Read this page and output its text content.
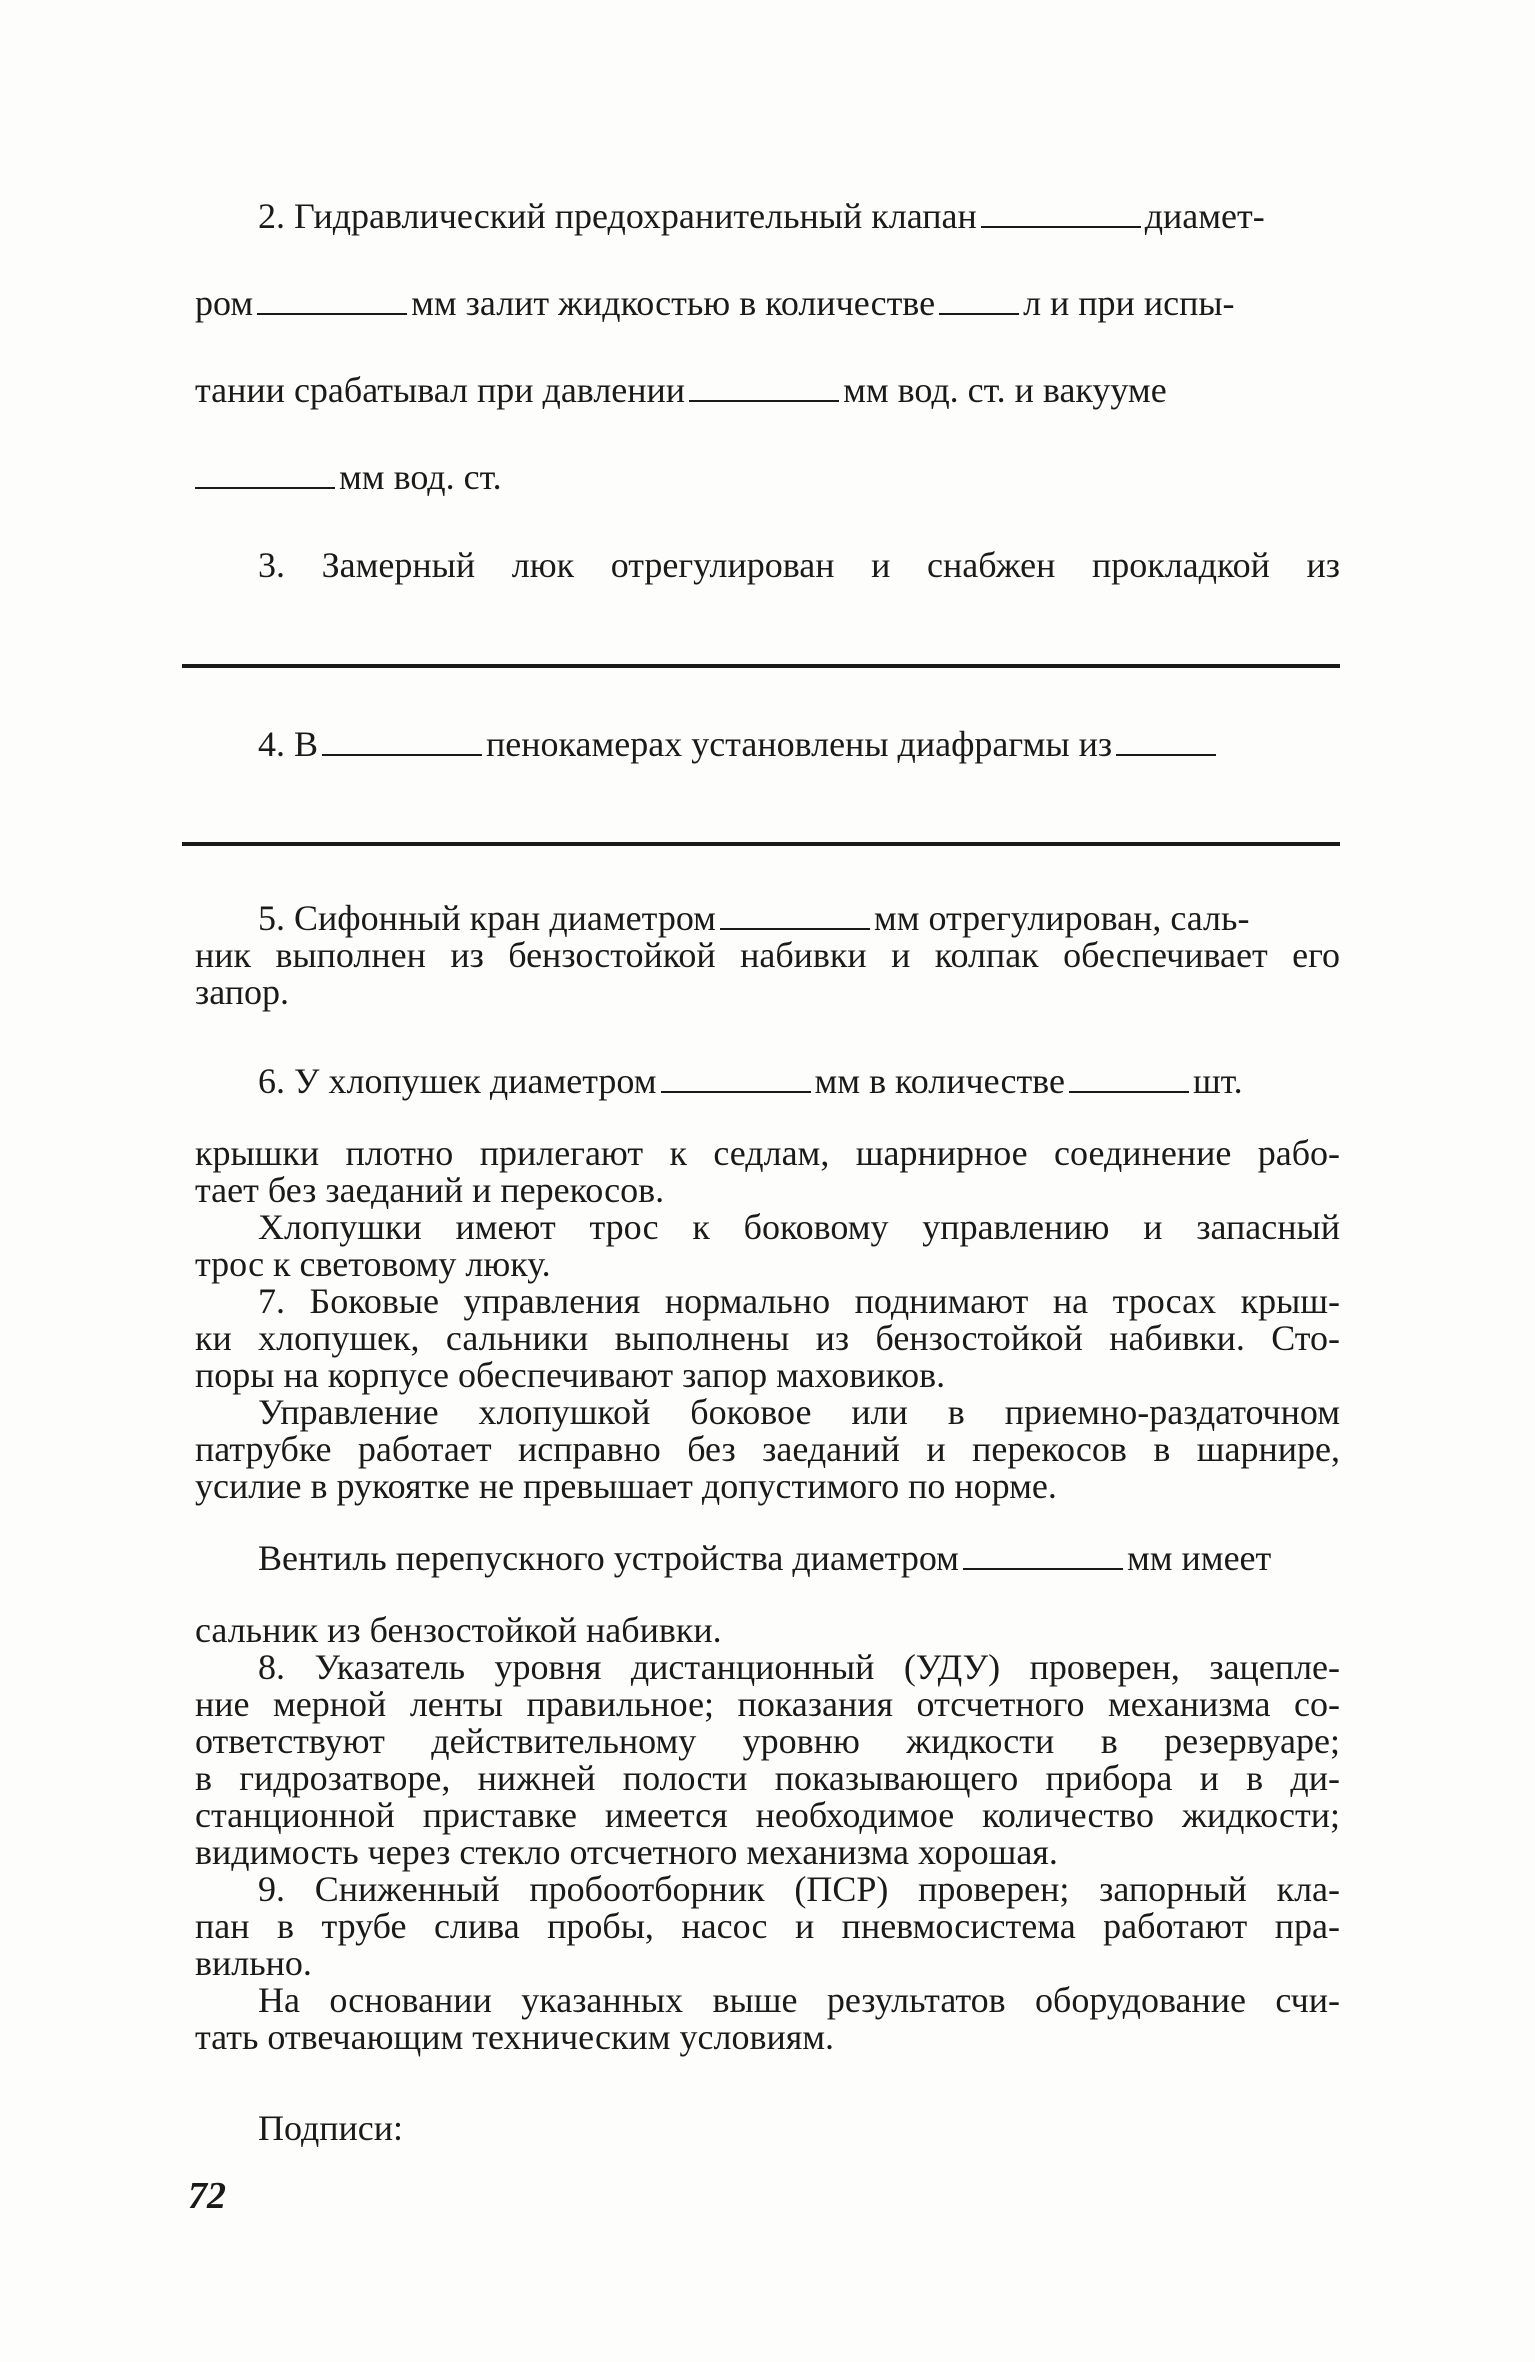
2. Гидравлический предохранительный клапан	диамет-
ром	мм залит жидкостью в количестве л и при испы-
тании срабатывал при давлении	мм вод. ст. и вакууме
мм вод. ст.
3. Замерный люк отрегулирован и снабжен прокладкой из
4. В	пенокамерах установлены диафрагмы из
5. Сифонный кран диаметром	мм отрегулирован, саль-
ник выполнен из бензостойкой набивки и колпак обеспечивает его
запор.
6. У хлопушек диаметром	мм в количестве	шт.
крышки плотно прилегают к седлам, шарнирное соединение рабо-
тает без заеданий и перекосов.
Хлопушки имеют трос к боковому управлению и запасный
трос к световому люку.
7. Боковые управления нормально поднимают на тросах крыш-
ки хлопушек, сальники выполнены из бензостойкой набивки. Сто-
поры на корпусе обеспечивают запор маховиков.
Управление хлопушкой боковое или в приемно-раздаточном
патрубке работает исправно без заеданий и перекосов в шарнире,
усилие в рукоятке не превышает допустимого по норме.
Вентиль перепускного устройства диаметром	мм имеет
сальник из бензостойкой набивки.
8. Указатель уровня дистанционный (УДУ) проверен, зацепле-
ние мерной ленты правильное; показания отсчетного механизма со-
ответствуют действительному уровню жидкости в резервуаре;
в гидрозатворе, нижней полости показывающего прибора и в ди-
станционной приставке имеется необходимое количество жидкости;
видимость через стекло отсчетного механизма хорошая.
9. Сниженный пробоотборник (ПСР) проверен; запорный кла-
пан в трубе слива пробы, насос и пневмосистема работают пра-
вильно.
На основании указанных выше результатов оборудование счи-
тать отвечающим техническим условиям.
Подписи:
72
